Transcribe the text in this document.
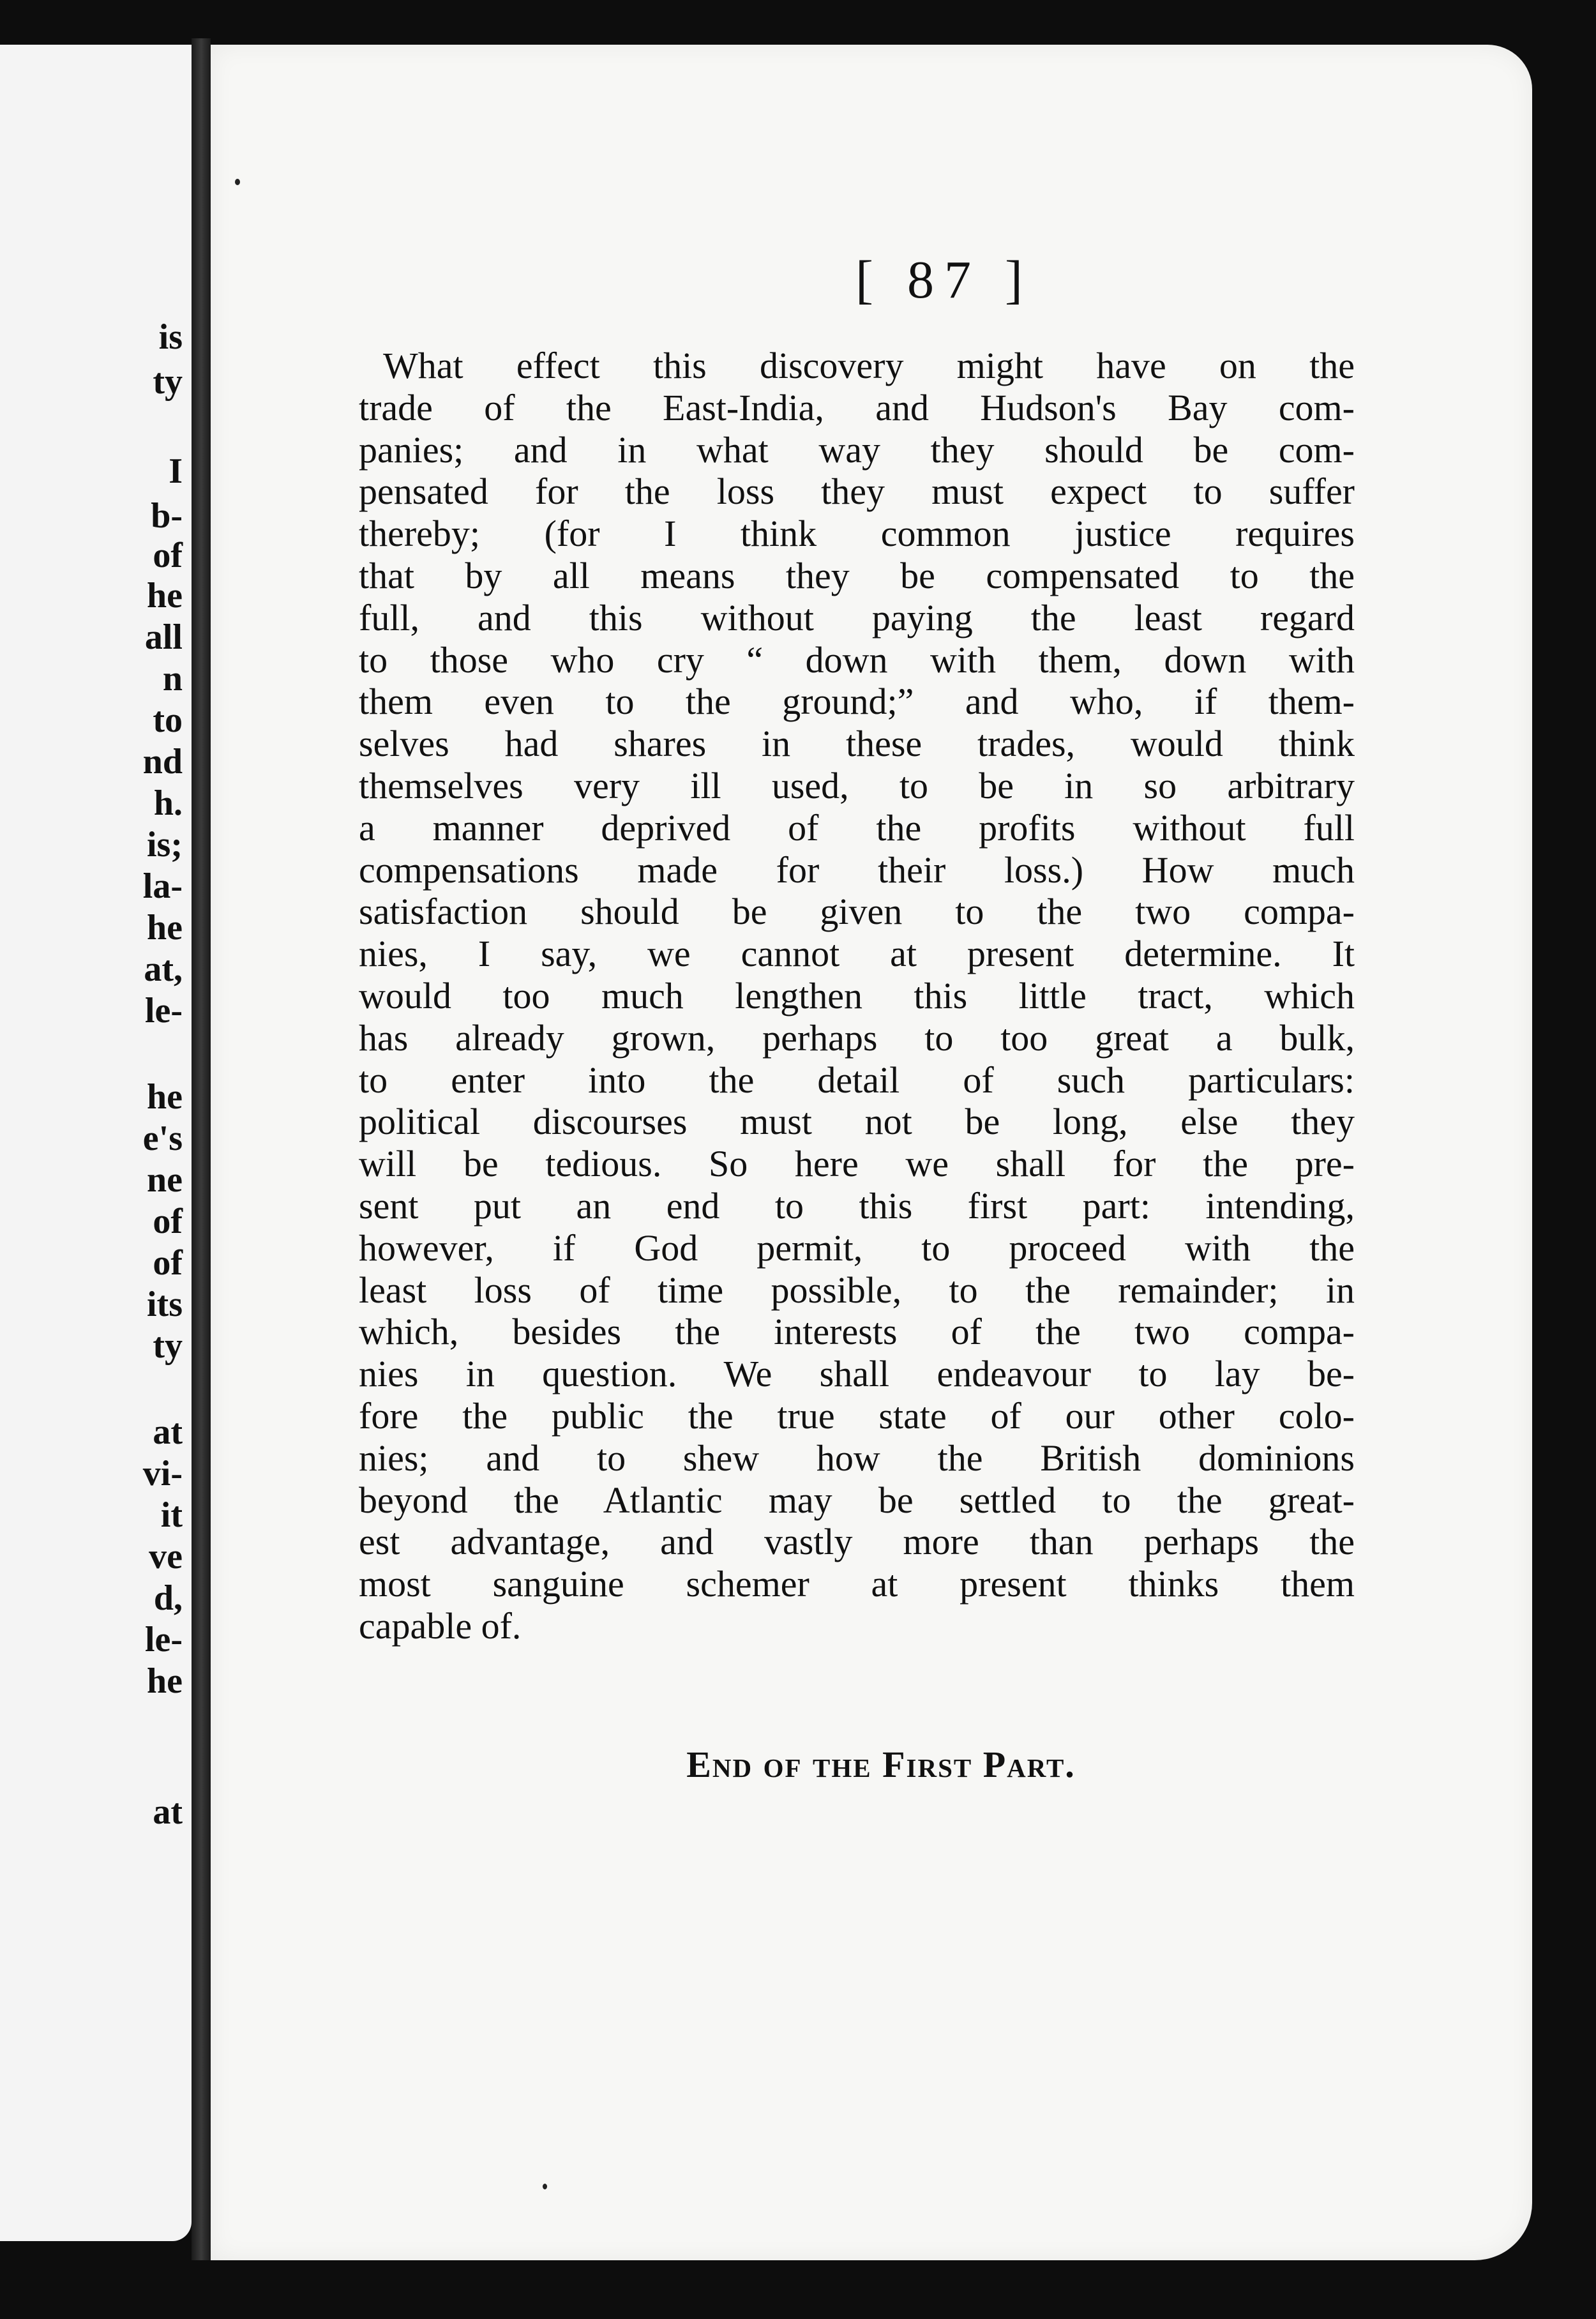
is
ty
I
b-
of
he
all
n
to
nd
h.
is;
la-
he
at,
le-
he
e's
ne
of
of
its
ty
at
vi-
it
ve
d,
le-
he
at
[ 87 ]
What effect this discovery might have on the
trade of the East-India, and Hudson's Bay com-
panies; and in what way they should be com-
pensated for the loss they must expect to suffer
thereby; (for I think common justice requires
that by all means they be compensated to the
full, and this without paying the least regard
to those who cry “ down with them, down with
them even to the ground;” and who, if them-
selves had shares in these trades, would think
themselves very ill used, to be in so arbitrary
a manner deprived of the profits without full
compensations made for their loss.) How much
satisfaction should be given to the two compa-
nies, I say, we cannot at present determine. It
would too much lengthen this little tract, which
has already grown, perhaps to too great a bulk,
to enter into the detail of such particulars:
political discourses must not be long, else they
will be tedious. So here we shall for the pre-
sent put an end to this first part: intending,
however, if God permit, to proceed with the
least loss of time possible, to the remainder; in
which, besides the interests of the two compa-
nies in question. We shall endeavour to lay be-
fore the public the true state of our other colo-
nies; and to shew how the British dominions
beyond the Atlantic may be settled to the great-
est advantage, and vastly more than perhaps the
most sanguine schemer at present thinks them
capable of.
End of the First Part.
